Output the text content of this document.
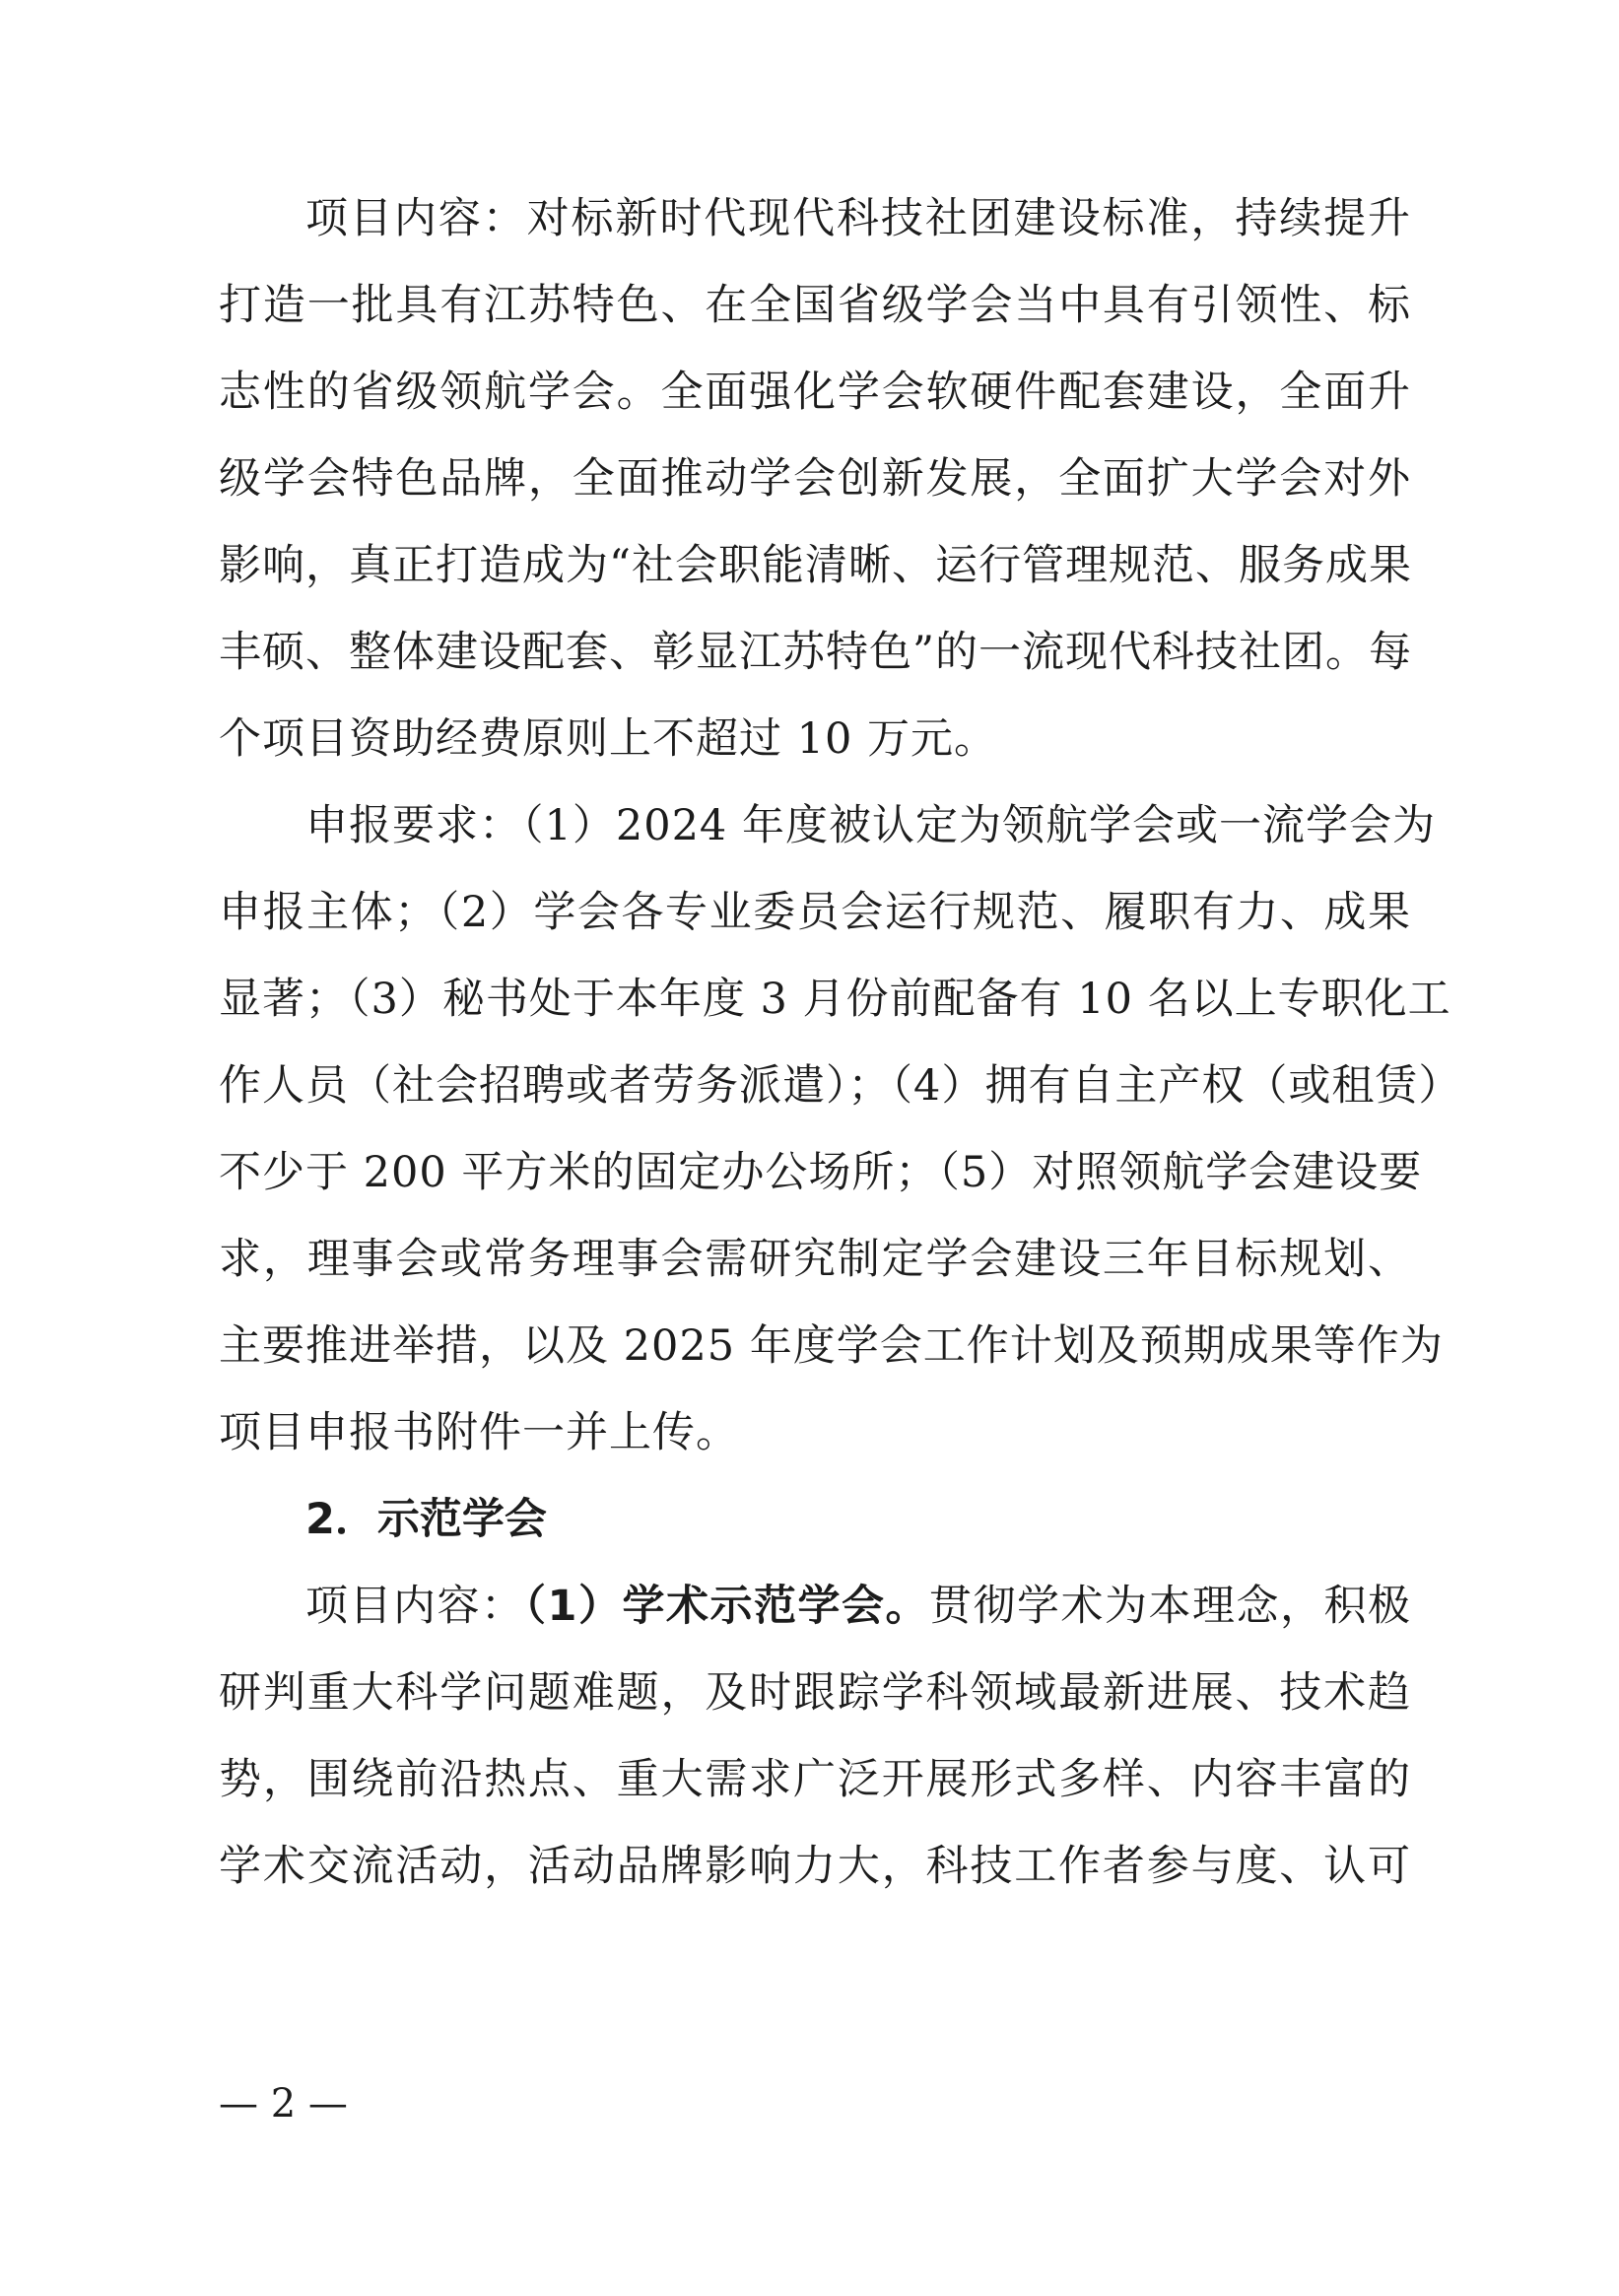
项目内容：对标新时代现代科技社团建设标准，持续提升
打造一批具有江苏特色、在全国省级学会当中具有引领性、标
志性的省级领航学会。全面强化学会软硬件配套建设，全面升
级学会特色品牌，全面推动学会创新发展，全面扩大学会对外
影响，真正打造成为“社会职能清晰、运行管理规范、服务成果
丰硕、整体建设配套、彰显江苏特色”的一流现代科技社团。每
个项目资助经费原则上不超过 10 万元。
申报要求：（1）2024 年度被认定为领航学会或一流学会为
申报主体；（2）学会各专业委员会运行规范、履职有力、成果
显著；（3）秘书处于本年度 3 月份前配备有 10 名以上专职化工
作人员（社会招聘或者劳务派遣）；（4）拥有自主产权（或租赁）
不少于 200 平方米的固定办公场所；（5）对照领航学会建设要
求，理事会或常务理事会需研究制定学会建设三年目标规划、
主要推进举措，以及 2025 年度学会工作计划及预期成果等作为
项目申报书附件一并上传。
2．示范学会
项目内容：（1）学术示范学会。贯彻学术为本理念，积极
研判重大科学问题难题，及时跟踪学科领域最新进展、技术趋
势，围绕前沿热点、重大需求广泛开展形式多样、内容丰富的
学术交流活动，活动品牌影响力大，科技工作者参与度、认可
— 2 —
